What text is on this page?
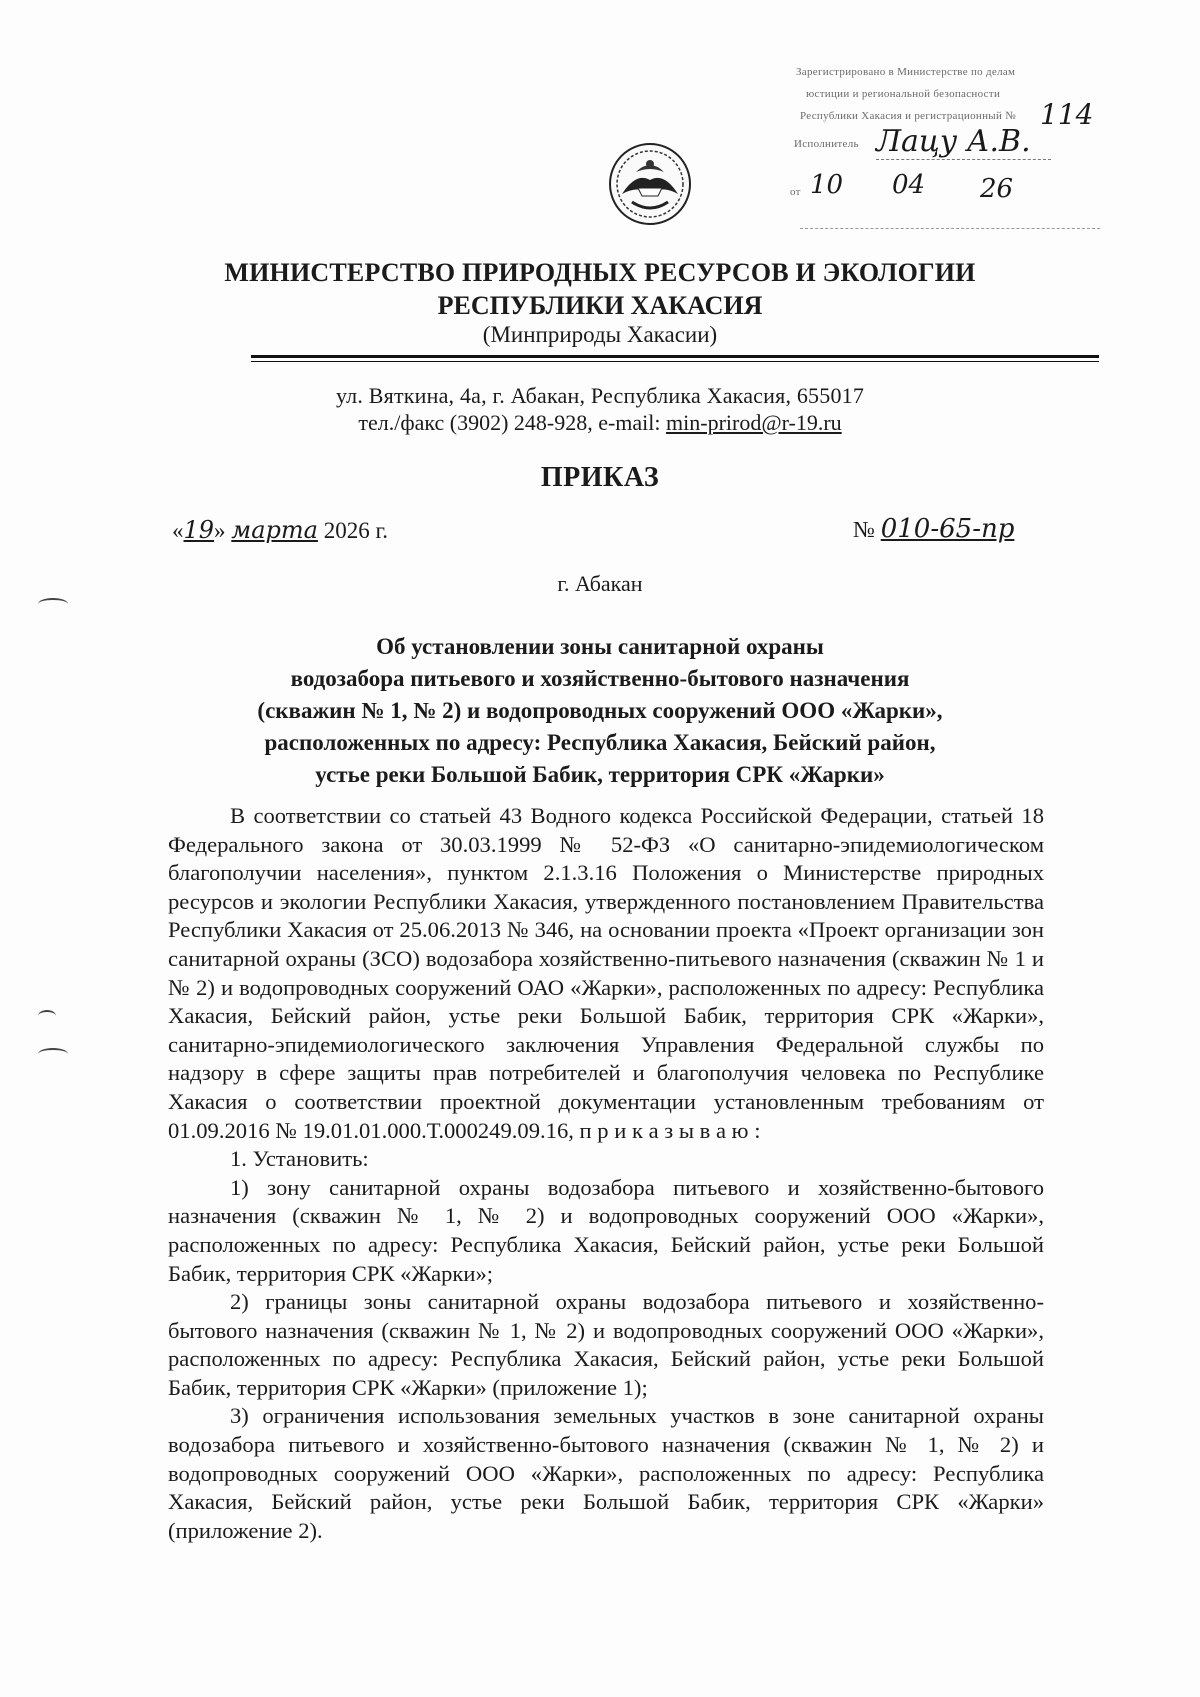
Зарегистрировано в Министерстве по делам
юстиции и региональной безопасности
Республики Хакасия и регистрационный № 114
Исполнитель Лацу А.В.
от 10 04 26
МИНИСТЕРСТВО ПРИРОДНЫХ РЕСУРСОВ И ЭКОЛОГИИ
РЕСПУБЛИКИ ХАКАСИЯ
(Минприроды Хакасии)
ул. Вяткина, 4а, г. Абакан, Республика Хакасия, 655017
тел./факс (3902) 248-928, e-mail: min-prirod@r-19.ru
ПРИКАЗ
«19» марта 2026 г.	№ 010-65-пр
г. Абакан
Об установлении зоны санитарной охраны
водозабора питьевого и хозяйственно-бытового назначения
(скважин № 1, № 2) и водопроводных сооружений ООО «Жарки»,
расположенных по адресу: Республика Хакасия, Бейский район,
устье реки Большой Бабик, территория СРК «Жарки»

В соответствии со статьей 43 Водного кодекса Российской Федерации, статьей 18 Федерального закона от 30.03.1999 № 52-ФЗ «О санитарно-эпидемиологическом благополучии населения», пунктом 2.1.3.16 Положения о Министерстве природных ресурсов и экологии Республики Хакасия, утвержденного постановлением Правительства Республики Хакасия от 25.06.2013 № 346, на основании проекта «Проект организации зон санитарной охраны (ЗСО) водозабора хозяйственно-питьевого назначения (скважин № 1 и № 2) и водопроводных сооружений ОАО «Жарки», расположенных по адресу: Республика Хакасия, Бейский район, устье реки Большой Бабик, территория СРК «Жарки», санитарно-эпидемиологического заключения Управления Федеральной службы по надзору в сфере защиты прав потребителей и благополучия человека по Республике Хакасия о соответствии проектной документации установленным требованиям от 01.09.2016 № 19.01.01.000.Т.000249.09.16, п р и к а з ы в а ю :

1. Установить:

1) зону санитарной охраны водозабора питьевого и хозяйственно-бытового назначения (скважин № 1, № 2) и водопроводных сооружений ООО «Жарки», расположенных по адресу: Республика Хакасия, Бейский район, устье реки Большой Бабик, территория СРК «Жарки»;

2) границы зоны санитарной охраны водозабора питьевого и хозяйственно-бытового назначения (скважин № 1, № 2) и водопроводных сооружений ООО «Жарки», расположенных по адресу: Республика Хакасия, Бейский район, устье реки Большой Бабик, территория СРК «Жарки» (приложение 1);

3) ограничения использования земельных участков в зоне санитарной охраны водозабора питьевого и хозяйственно-бытового назначения (скважин № 1, № 2) и водопроводных сооружений ООО «Жарки», расположенных по адресу: Республика Хакасия, Бейский район, устье реки Большой Бабик, территория СРК «Жарки» (приложение 2).
